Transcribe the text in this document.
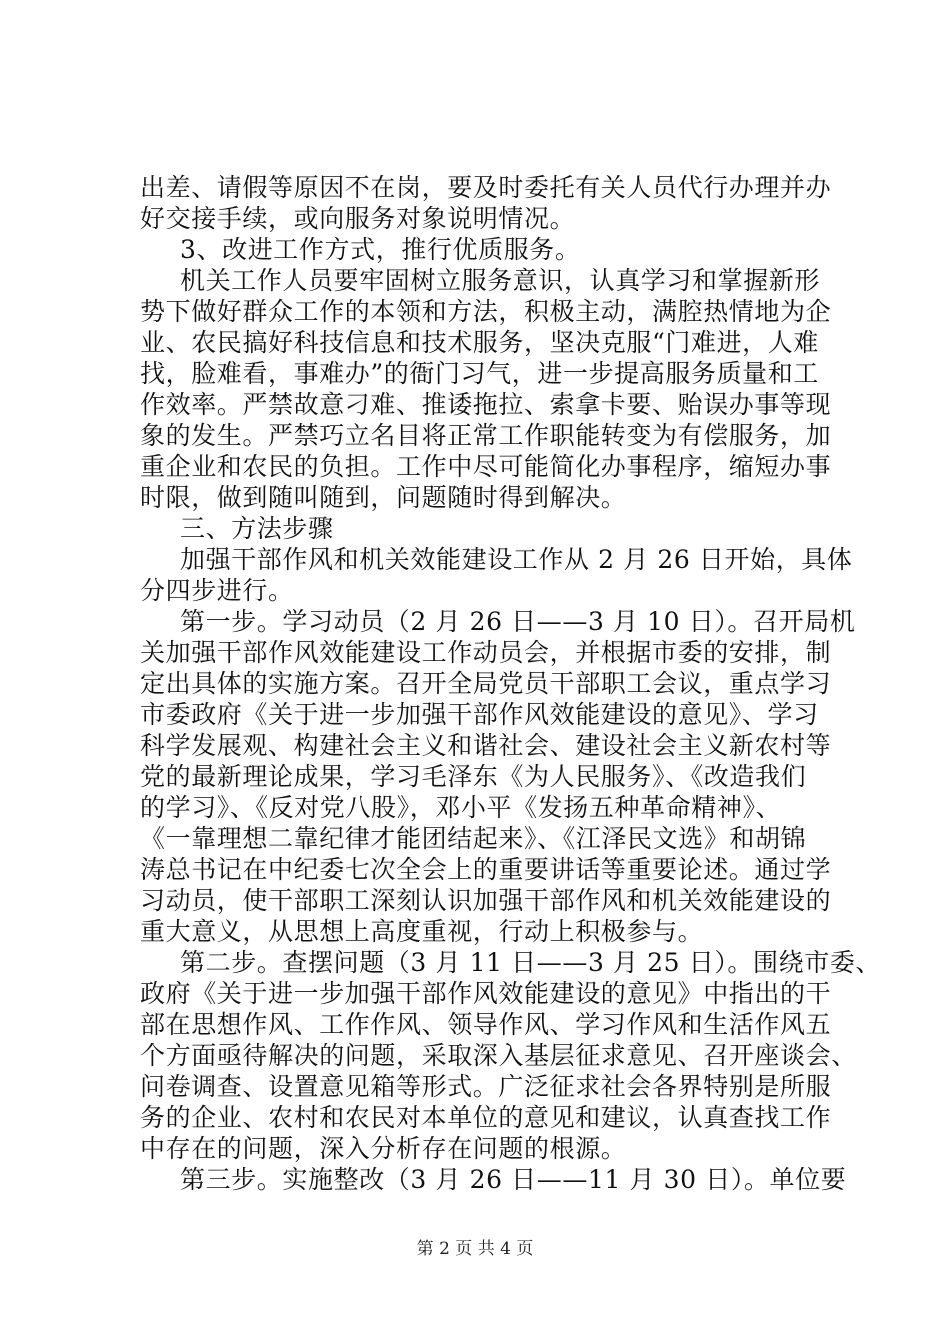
出差、请假等原因不在岗，要及时委托有关人员代行办理并办
好交接手续，或向服务对象说明情况。
3、改进工作方式，推行优质服务。
机关工作人员要牢固树立服务意识，认真学习和掌握新形
势下做好群众工作的本领和方法，积极主动，满腔热情地为企
业、农民搞好科技信息和技术服务，坚决克服“门难进，人难
找，脸难看，事难办”的衙门习气，进一步提高服务质量和工
作效率。严禁故意刁难、推诿拖拉、索拿卡要、贻误办事等现
象的发生。严禁巧立名目将正常工作职能转变为有偿服务，加
重企业和农民的负担。工作中尽可能简化办事程序，缩短办事
时限，做到随叫随到，问题随时得到解决。
三、方法步骤
加强干部作风和机关效能建设工作从 2 月 26 日开始，具体
分四步进行。
第一步。学习动员（2 月 26 日——3 月 10 日）。召开局机
关加强干部作风效能建设工作动员会，并根据市委的安排，制
定出具体的实施方案。召开全局党员干部职工会议，重点学习
市委政府《关于进一步加强干部作风效能建设的意见》、学习
科学发展观、构建社会主义和谐社会、建设社会主义新农村等
党的最新理论成果，学习毛泽东《为人民服务》、《改造我们
的学习》、《反对党八股》，邓小平《发扬五种革命精神》、
《一靠理想二靠纪律才能团结起来》、《江泽民文选》和胡锦
涛总书记在中纪委七次全会上的重要讲话等重要论述。通过学
习动员，使干部职工深刻认识加强干部作风和机关效能建设的
重大意义，从思想上高度重视，行动上积极参与。
第二步。查摆问题（3 月 11 日——3 月 25 日）。围绕市委、
政府《关于进一步加强干部作风效能建设的意见》中指出的干
部在思想作风、工作作风、领导作风、学习作风和生活作风五
个方面亟待解决的问题，采取深入基层征求意见、召开座谈会、
问卷调查、设置意见箱等形式。广泛征求社会各界特别是所服
务的企业、农村和农民对本单位的意见和建议，认真查找工作
中存在的问题，深入分析存在问题的根源。
第三步。实施整改（3 月 26 日——11 月 30 日）。单位要
第 2 页 共 4 页
